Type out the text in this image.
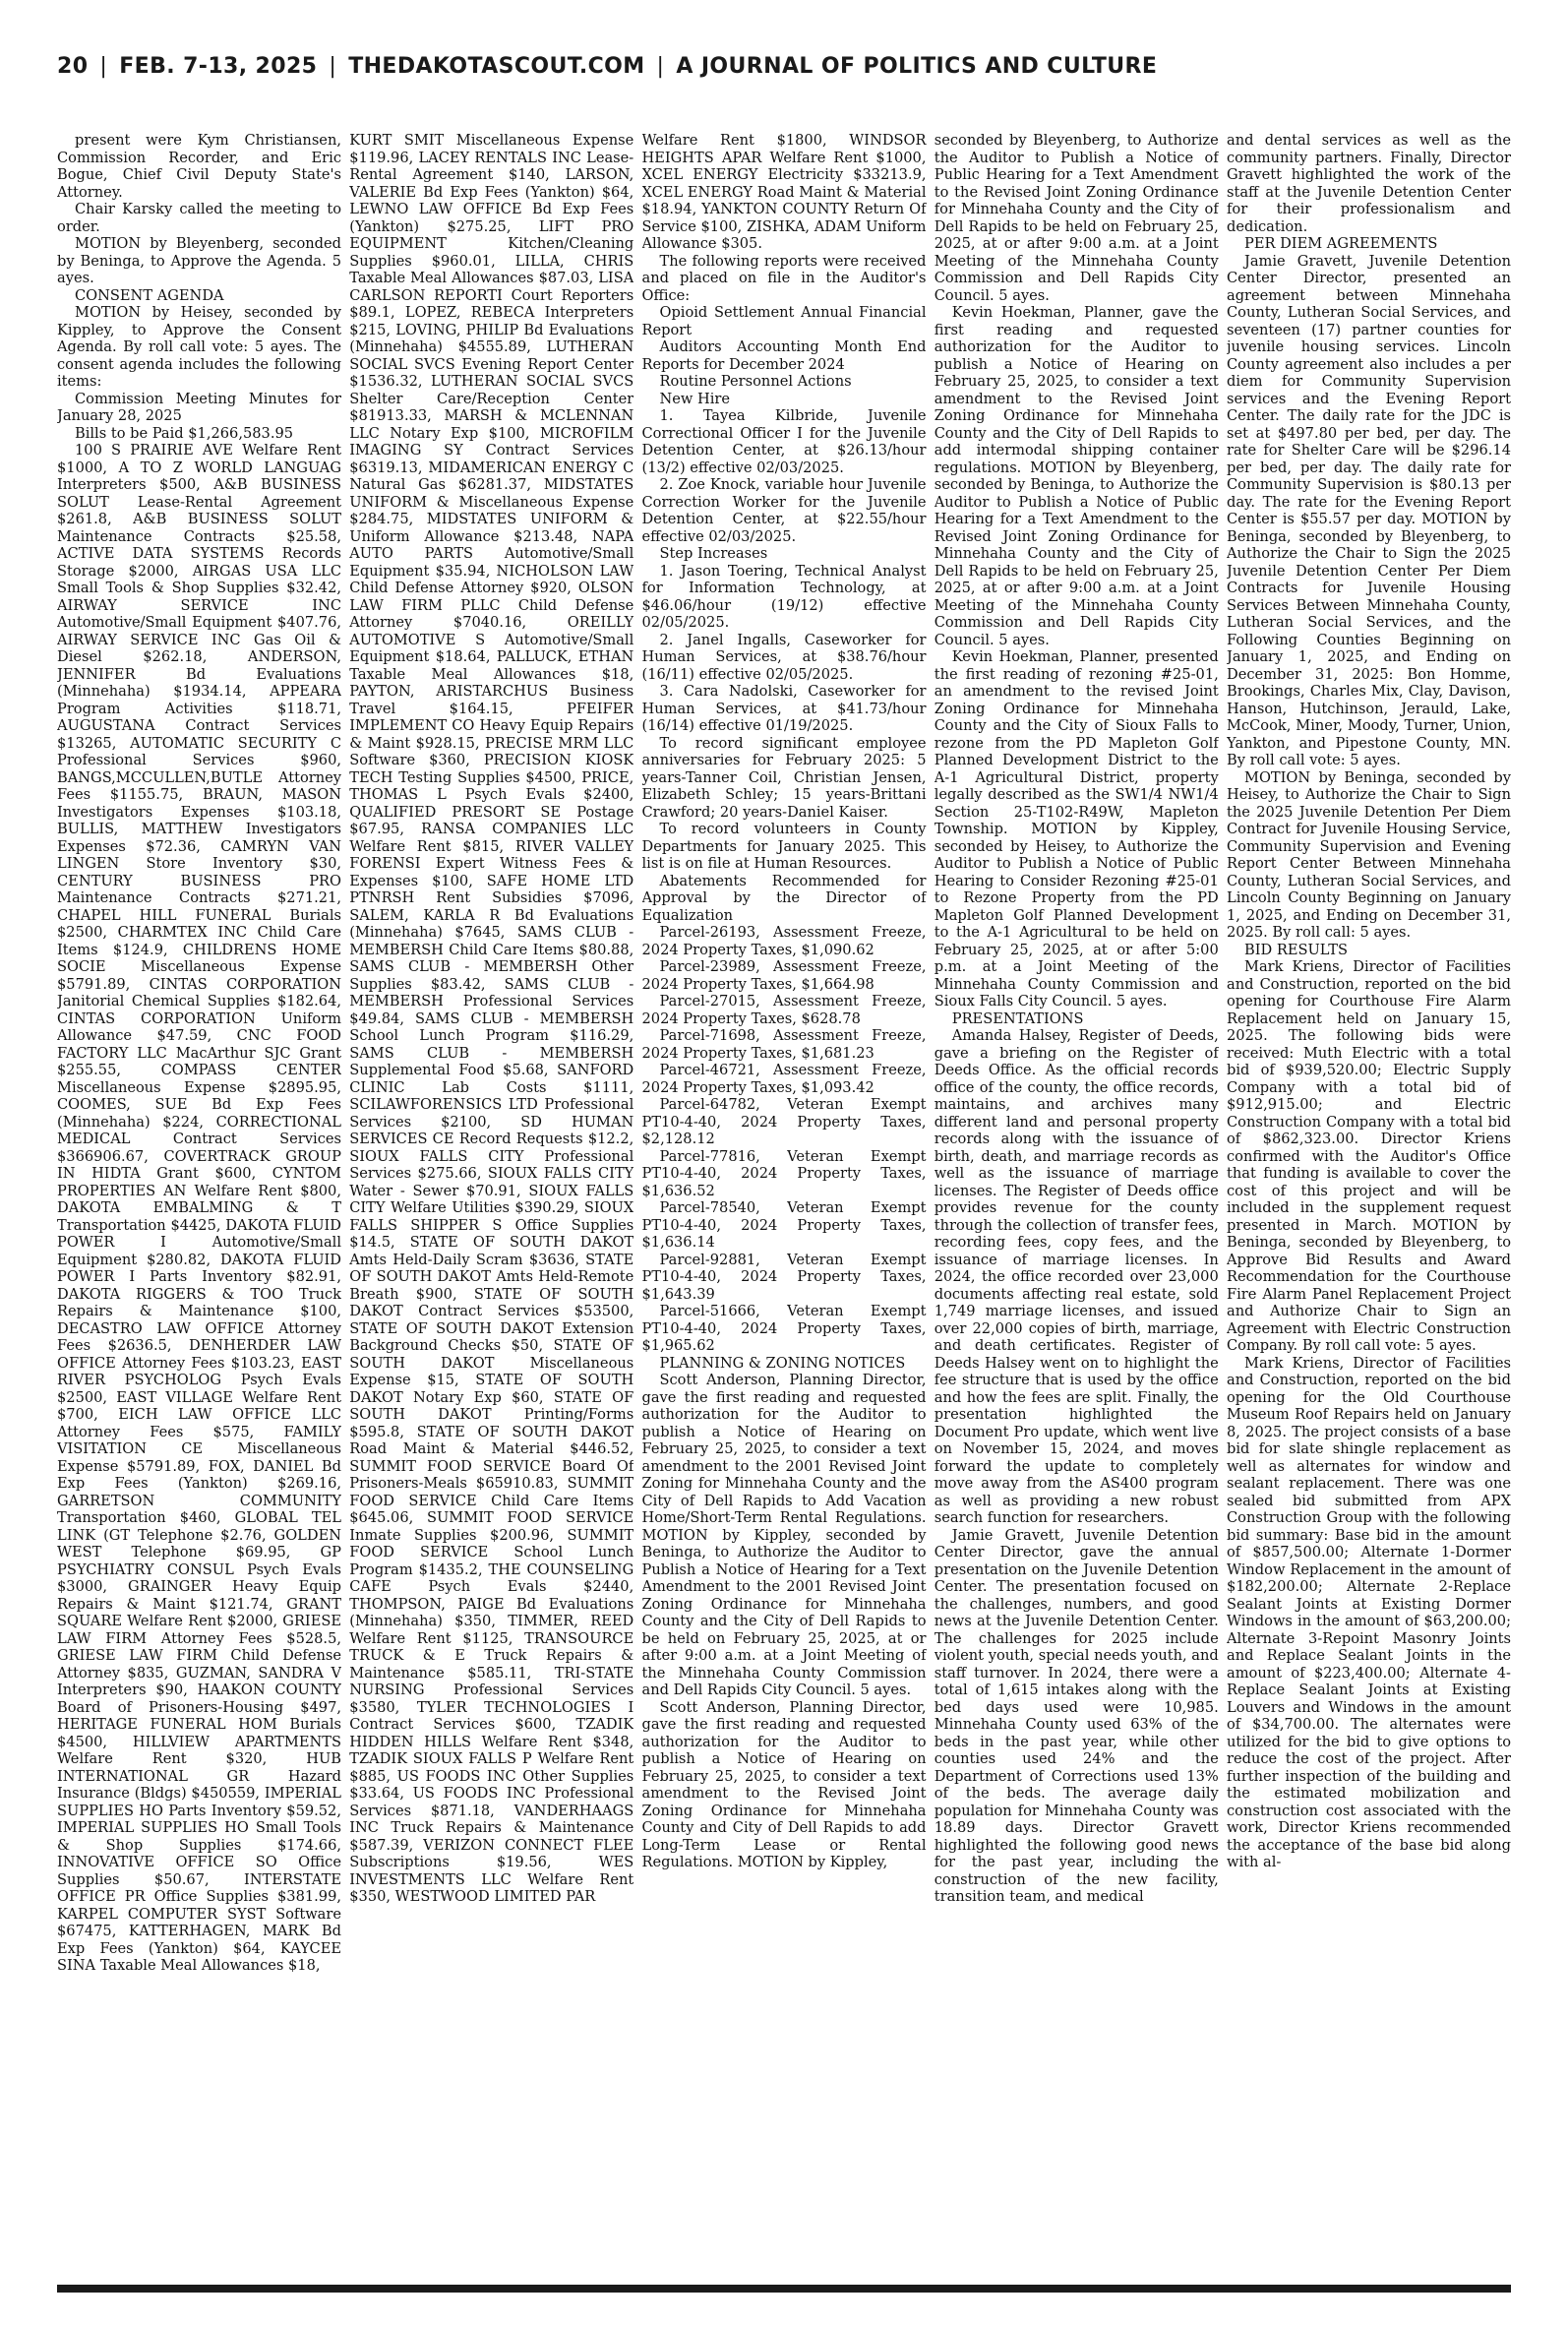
20 | FEB. 7-13, 2025 | THEDAKOTASCOUT.COM | A JOURNAL OF POLITICS AND CULTURE

present were Kym Christiansen, Commission Recorder, and Eric Bogue, Chief Civil Deputy State's Attorney.

Chair Karsky called the meeting to order.

MOTION by Bleyenberg, seconded by Beninga, to Approve the Agenda. 5 ayes.

CONSENT AGENDA

MOTION by Heisey, seconded by Kippley, to Approve the Consent Agenda. By roll call vote: 5 ayes. The consent agenda includes the following items:

Commission Meeting Minutes for January 28, 2025

Bills to be Paid $1,266,583.95

100 S PRAIRIE AVE Welfare Rent $1000, A TO Z WORLD LANGUAG Interpreters $500, A&B BUSINESS SOLUT Lease-Rental Agreement $261.8, A&B BUSINESS SOLUT Maintenance Contracts $25.58, ACTIVE DATA SYSTEMS Records Storage $2000, AIRGAS USA LLC Small Tools & Shop Supplies $32.42, AIRWAY SERVICE INC Automotive/Small Equipment $407.76, AIRWAY SERVICE INC Gas Oil & Diesel $262.18, ANDERSON, JENNIFER Bd Evaluations (Minnehaha) $1934.14, APPEARA Program Activities $118.71, AUGUSTANA Contract Services $13265, AUTOMATIC SECURITY C Professional Services $960, BANGS,MCCULLEN,BUTLE Attorney Fees $1155.75, BRAUN, MASON Investigators Expenses $103.18, BULLIS, MATTHEW Investigators Expenses $72.36, CAMRYN VAN LINGEN Store Inventory $30, CENTURY BUSINESS PRO Maintenance Contracts $271.21, CHAPEL HILL FUNERAL Burials $2500, CHARMTEX INC Child Care Items $124.9, CHILDRENS HOME SOCIE Miscellaneous Expense $5791.89, CINTAS CORPORATION Janitorial Chemical Supplies $182.64, CINTAS CORPORATION Uniform Allowance $47.59, CNC FOOD FACTORY LLC MacArthur SJC Grant $255.55, COMPASS CENTER Miscellaneous Expense $2895.95, COOMES, SUE Bd Exp Fees (Minnehaha) $224, CORRECTIONAL MEDICAL Contract Services $366906.67, COVERTRACK GROUP IN HIDTA Grant $600, CYNTOM PROPERTIES AN Welfare Rent $800, DAKOTA EMBALMING & T Transportation $4425, DAKOTA FLUID POWER I Automotive/Small Equipment $280.82, DAKOTA FLUID POWER I Parts Inventory $82.91, DAKOTA RIGGERS & TOO Truck Repairs & Maintenance $100, DECASTRO LAW OFFICE Attorney Fees $2636.5, DENHERDER LAW OFFICE Attorney Fees $103.23, EAST RIVER PSYCHOLOG Psych Evals $2500, EAST VILLAGE Welfare Rent $700, EICH LAW OFFICE LLC Attorney Fees $575, FAMILY VISITATION CE Miscellaneous Expense $5791.89, FOX, DANIEL Bd Exp Fees (Yankton) $269.16, GARRETSON COMMUNITY Transportation $460, GLOBAL TEL LINK (GT Telephone $2.76, GOLDEN WEST Telephone $69.95, GP PSYCHIATRY CONSUL Psych Evals $3000, GRAINGER Heavy Equip Repairs & Maint $121.74, GRANT SQUARE Welfare Rent $2000, GRIESE LAW FIRM Attorney Fees $528.5, GRIESE LAW FIRM Child Defense Attorney $835, GUZMAN, SANDRA V Interpreters $90, HAAKON COUNTY Board of Prisoners-Housing $497, HERITAGE FUNERAL HOM Burials $4500, HILLVIEW APARTMENTS Welfare Rent $320, HUB INTERNATIONAL GR Hazard Insurance (Bldgs) $450559, IMPERIAL SUPPLIES HO Parts Inventory $59.52, IMPERIAL SUPPLIES HO Small Tools & Shop Supplies $174.66, INNOVATIVE OFFICE SO Office Supplies $50.67, INTERSTATE OFFICE PR Office Supplies $381.99, KARPEL COMPUTER SYST Software $67475, KATTERHAGEN, MARK Bd Exp Fees (Yankton) $64, KAYCEE SINA Taxable Meal Allowances $18,

KURT SMIT Miscellaneous Expense $119.96, LACEY RENTALS INC Lease-Rental Agreement $140, LARSON, VALERIE Bd Exp Fees (Yankton) $64, LEWNO LAW OFFICE Bd Exp Fees (Yankton) $275.25, LIFT PRO EQUIPMENT Kitchen/Cleaning Supplies $960.01, LILLA, CHRIS Taxable Meal Allowances $87.03, LISA CARLSON REPORTI Court Reporters $89.1, LOPEZ, REBECA Interpreters $215, LOVING, PHILIP Bd Evaluations (Minnehaha) $4555.89, LUTHERAN SOCIAL SVCS Evening Report Center $1536.32, LUTHERAN SOCIAL SVCS Shelter Care/Reception Center $81913.33, MARSH & MCLENNAN LLC Notary Exp $100, MICROFILM IMAGING SY Contract Services $6319.13, MIDAMERICAN ENERGY C Natural Gas $6281.37, MIDSTATES UNIFORM & Miscellaneous Expense $284.75, MIDSTATES UNIFORM & Uniform Allowance $213.48, NAPA AUTO PARTS Automotive/Small Equipment $35.94, NICHOLSON LAW Child Defense Attorney $920, OLSON LAW FIRM PLLC Child Defense Attorney $7040.16, OREILLY AUTOMOTIVE S Automotive/Small Equipment $18.64, PALLUCK, ETHAN Taxable Meal Allowances $18, PAYTON, ARISTARCHUS Business Travel $164.15, PFEIFER IMPLEMENT CO Heavy Equip Repairs & Maint $928.15, PRECISE MRM LLC Software $360, PRECISION KIOSK TECH Testing Supplies $4500, PRICE, THOMAS L Psych Evals $2400, QUALIFIED PRESORT SE Postage $67.95, RANSA COMPANIES LLC Welfare Rent $815, RIVER VALLEY FORENSI Expert Witness Fees & Expenses $100, SAFE HOME LTD PTNRSH Rent Subsidies $7096, SALEM, KARLA R Bd Evaluations (Minnehaha) $7645, SAMS CLUB - MEMBERSH Child Care Items $80.88, SAMS CLUB - MEMBERSH Other Supplies $83.42, SAMS CLUB - MEMBERSH Professional Services $49.84, SAMS CLUB - MEMBERSH School Lunch Program $116.29, SAMS CLUB - MEMBERSH Supplemental Food $5.68, SANFORD CLINIC Lab Costs $1111, SCILAWFORENSICS LTD Professional Services $2100, SD HUMAN SERVICES CE Record Requests $12.2, SIOUX FALLS CITY Professional Services $275.66, SIOUX FALLS CITY Water - Sewer $70.91, SIOUX FALLS CITY Welfare Utilities $390.29, SIOUX FALLS SHIPPER S Office Supplies $14.5, STATE OF SOUTH DAKOT Amts Held-Daily Scram $3636, STATE OF SOUTH DAKOT Amts Held-Remote Breath $900, STATE OF SOUTH DAKOT Contract Services $53500, STATE OF SOUTH DAKOT Extension Background Checks $50, STATE OF SOUTH DAKOT Miscellaneous Expense $15, STATE OF SOUTH DAKOT Notary Exp $60, STATE OF SOUTH DAKOT Printing/Forms $595.8, STATE OF SOUTH DAKOT Road Maint & Material $446.52, SUMMIT FOOD SERVICE Board Of Prisoners-Meals $65910.83, SUMMIT FOOD SERVICE Child Care Items $645.06, SUMMIT FOOD SERVICE Inmate Supplies $200.96, SUMMIT FOOD SERVICE School Lunch Program $1435.2, THE COUNSELING CAFE Psych Evals $2440, THOMPSON, PAIGE Bd Evaluations (Minnehaha) $350, TIMMER, REED Welfare Rent $1125, TRANSOURCE TRUCK & E Truck Repairs & Maintenance $585.11, TRI-STATE NURSING Professional Services $3580, TYLER TECHNOLOGIES I Contract Services $600, TZADIK HIDDEN HILLS Welfare Rent $348, TZADIK SIOUX FALLS P Welfare Rent $885, US FOODS INC Other Supplies $33.64, US FOODS INC Professional Services $871.18, VANDERHAAGS INC Truck Repairs & Maintenance $587.39, VERIZON CONNECT FLEE Subscriptions $19.56, WES INVESTMENTS LLC Welfare Rent $350, WESTWOOD LIMITED PAR

Welfare Rent $1800, WINDSOR HEIGHTS APAR Welfare Rent $1000, XCEL ENERGY Electricity $33213.9, XCEL ENERGY Road Maint & Material $18.94, YANKTON COUNTY Return Of Service $100, ZISHKA, ADAM Uniform Allowance $305.

The following reports were received and placed on file in the Auditor's Office:

Opioid Settlement Annual Financial Report

Auditors Accounting Month End Reports for December 2024

Routine Personnel Actions

New Hire

1. Tayea Kilbride, Juvenile Correctional Officer I for the Juvenile Detention Center, at $26.13/hour (13/2) effective 02/03/2025.

2. Zoe Knock, variable hour Juvenile Correction Worker for the Juvenile Detention Center, at $22.55/hour effective 02/03/2025.

Step Increases

1. Jason Toering, Technical Analyst for Information Technology, at $46.06/hour (19/12) effective 02/05/2025.

2. Janel Ingalls, Caseworker for Human Services, at $38.76/hour (16/11) effective 02/05/2025.

3. Cara Nadolski, Caseworker for Human Services, at $41.73/hour (16/14) effective 01/19/2025.

To record significant employee anniversaries for February 2025: 5 years-Tanner Coil, Christian Jensen, Elizabeth Schley; 15 years-Brittani Crawford; 20 years-Daniel Kaiser.

To record volunteers in County Departments for January 2025. This list is on file at Human Resources.

Abatements Recommended for Approval by the Director of Equalization

Parcel-26193, Assessment Freeze, 2024 Property Taxes, $1,090.62

Parcel-23989, Assessment Freeze, 2024 Property Taxes, $1,664.98

Parcel-27015, Assessment Freeze, 2024 Property Taxes, $628.78

Parcel-71698, Assessment Freeze, 2024 Property Taxes, $1,681.23

Parcel-46721, Assessment Freeze, 2024 Property Taxes, $1,093.42

Parcel-64782, Veteran Exempt PT10-4-40, 2024 Property Taxes, $2,128.12

Parcel-77816, Veteran Exempt PT10-4-40, 2024 Property Taxes, $1,636.52

Parcel-78540, Veteran Exempt PT10-4-40, 2024 Property Taxes, $1,636.14

Parcel-92881, Veteran Exempt PT10-4-40, 2024 Property Taxes, $1,643.39

Parcel-51666, Veteran Exempt PT10-4-40, 2024 Property Taxes, $1,965.62

PLANNING & ZONING NOTICES

Scott Anderson, Planning Director, gave the first reading and requested authorization for the Auditor to publish a Notice of Hearing on February 25, 2025, to consider a text amendment to the 2001 Revised Joint Zoning for Minnehaha County and the City of Dell Rapids to Add Vacation Home/Short-Term Rental Regulations. MOTION by Kippley, seconded by Beninga, to Authorize the Auditor to Publish a Notice of Hearing for a Text Amendment to the 2001 Revised Joint Zoning Ordinance for Minnehaha County and the City of Dell Rapids to be held on February 25, 2025, at or after 9:00 a.m. at a Joint Meeting of the Minnehaha County Commission and Dell Rapids City Council. 5 ayes.

Scott Anderson, Planning Director, gave the first reading and requested authorization for the Auditor to publish a Notice of Hearing on February 25, 2025, to consider a text amendment to the Revised Joint Zoning Ordinance for Minnehaha County and City of Dell Rapids to add Long-Term Lease or Rental Regulations. MOTION by Kippley,

seconded by Bleyenberg, to Authorize the Auditor to Publish a Notice of Public Hearing for a Text Amendment to the Revised Joint Zoning Ordinance for Minnehaha County and the City of Dell Rapids to be held on February 25, 2025, at or after 9:00 a.m. at a Joint Meeting of the Minnehaha County Commission and Dell Rapids City Council. 5 ayes.

Kevin Hoekman, Planner, gave the first reading and requested authorization for the Auditor to publish a Notice of Hearing on February 25, 2025, to consider a text amendment to the Revised Joint Zoning Ordinance for Minnehaha County and the City of Dell Rapids to add intermodal shipping container regulations. MOTION by Bleyenberg, seconded by Beninga, to Authorize the Auditor to Publish a Notice of Public Hearing for a Text Amendment to the Revised Joint Zoning Ordinance for Minnehaha County and the City of Dell Rapids to be held on February 25, 2025, at or after 9:00 a.m. at a Joint Meeting of the Minnehaha County Commission and Dell Rapids City Council. 5 ayes.

Kevin Hoekman, Planner, presented the first reading of rezoning #25-01, an amendment to the revised Joint Zoning Ordinance for Minnehaha County and the City of Sioux Falls to rezone from the PD Mapleton Golf Planned Development District to the A-1 Agricultural District, property legally described as the SW1/4 NW1/4 Section 25-T102-R49W, Mapleton Township. MOTION by Kippley, seconded by Heisey, to Authorize the Auditor to Publish a Notice of Public Hearing to Consider Rezoning #25-01 to Rezone Property from the PD Mapleton Golf Planned Development to the A-1 Agricultural to be held on February 25, 2025, at or after 5:00 p.m. at a Joint Meeting of the Minnehaha County Commission and Sioux Falls City Council. 5 ayes.

PRESENTATIONS

Amanda Halsey, Register of Deeds, gave a briefing on the Register of Deeds Office. As the official records office of the county, the office records, maintains, and archives many different land and personal property records along with the issuance of birth, death, and marriage records as well as the issuance of marriage licenses. The Register of Deeds office provides revenue for the county through the collection of transfer fees, recording fees, copy fees, and the issuance of marriage licenses. In 2024, the office recorded over 23,000 documents affecting real estate, sold 1,749 marriage licenses, and issued over 22,000 copies of birth, marriage, and death certificates. Register of Deeds Halsey went on to highlight the fee structure that is used by the office and how the fees are split. Finally, the presentation highlighted the Document Pro update, which went live on November 15, 2024, and moves forward the update to completely move away from the AS400 program as well as providing a new robust search function for researchers.

Jamie Gravett, Juvenile Detention Center Director, gave the annual presentation on the Juvenile Detention Center. The presentation focused on the challenges, numbers, and good news at the Juvenile Detention Center. The challenges for 2025 include violent youth, special needs youth, and staff turnover. In 2024, there were a total of 1,615 intakes along with the bed days used were 10,985. Minnehaha County used 63% of the beds in the past year, while other counties used 24% and the Department of Corrections used 13% of the beds. The average daily population for Minnehaha County was 18.89 days. Director Gravett highlighted the following good news for the past year, including the construction of the new facility, transition team, and medical

and dental services as well as the community partners. Finally, Director Gravett highlighted the work of the staff at the Juvenile Detention Center for their professionalism and dedication.

PER DIEM AGREEMENTS

Jamie Gravett, Juvenile Detention Center Director, presented an agreement between Minnehaha County, Lutheran Social Services, and seventeen (17) partner counties for juvenile housing services. Lincoln County agreement also includes a per diem for Community Supervision services and the Evening Report Center. The daily rate for the JDC is set at $497.80 per bed, per day. The rate for Shelter Care will be $296.14 per bed, per day. The daily rate for Community Supervision is $80.13 per day. The rate for the Evening Report Center is $55.57 per day. MOTION by Beninga, seconded by Bleyenberg, to Authorize the Chair to Sign the 2025 Juvenile Detention Center Per Diem Contracts for Juvenile Housing Services Between Minnehaha County, Lutheran Social Services, and the Following Counties Beginning on January 1, 2025, and Ending on December 31, 2025: Bon Homme, Brookings, Charles Mix, Clay, Davison, Hanson, Hutchinson, Jerauld, Lake, McCook, Miner, Moody, Turner, Union, Yankton, and Pipestone County, MN. By roll call vote: 5 ayes.

MOTION by Beninga, seconded by Heisey, to Authorize the Chair to Sign the 2025 Juvenile Detention Per Diem Contract for Juvenile Housing Service, Community Supervision and Evening Report Center Between Minnehaha County, Lutheran Social Services, and Lincoln County Beginning on January 1, 2025, and Ending on December 31, 2025. By roll call: 5 ayes.

BID RESULTS

Mark Kriens, Director of Facilities and Construction, reported on the bid opening for Courthouse Fire Alarm Replacement held on January 15, 2025. The following bids were received: Muth Electric with a total bid of $939,520.00; Electric Supply Company with a total bid of $912,915.00; and Electric Construction Company with a total bid of $862,323.00. Director Kriens confirmed with the Auditor's Office that funding is available to cover the cost of this project and will be included in the supplement request presented in March. MOTION by Beninga, seconded by Bleyenberg, to Approve Bid Results and Award Recommendation for the Courthouse Fire Alarm Panel Replacement Project and Authorize Chair to Sign an Agreement with Electric Construction Company. By roll call vote: 5 ayes.

Mark Kriens, Director of Facilities and Construction, reported on the bid opening for the Old Courthouse Museum Roof Repairs held on January 8, 2025. The project consists of a base bid for slate shingle replacement as well as alternates for window and sealant replacement. There was one sealed bid submitted from APX Construction Group with the following bid summary: Base bid in the amount of $857,500.00; Alternate 1-Dormer Window Replacement in the amount of $182,200.00; Alternate 2-Replace Sealant Joints at Existing Dormer Windows in the amount of $63,200.00; Alternate 3-Repoint Masonry Joints and Replace Sealant Joints in the amount of $223,400.00; Alternate 4-Replace Sealant Joints at Existing Louvers and Windows in the amount of $34,700.00. The alternates were utilized for the bid to give options to reduce the cost of the project. After further inspection of the building and the estimated mobilization and construction cost associated with the work, Director Kriens recommended the acceptance of the base bid along with al-
